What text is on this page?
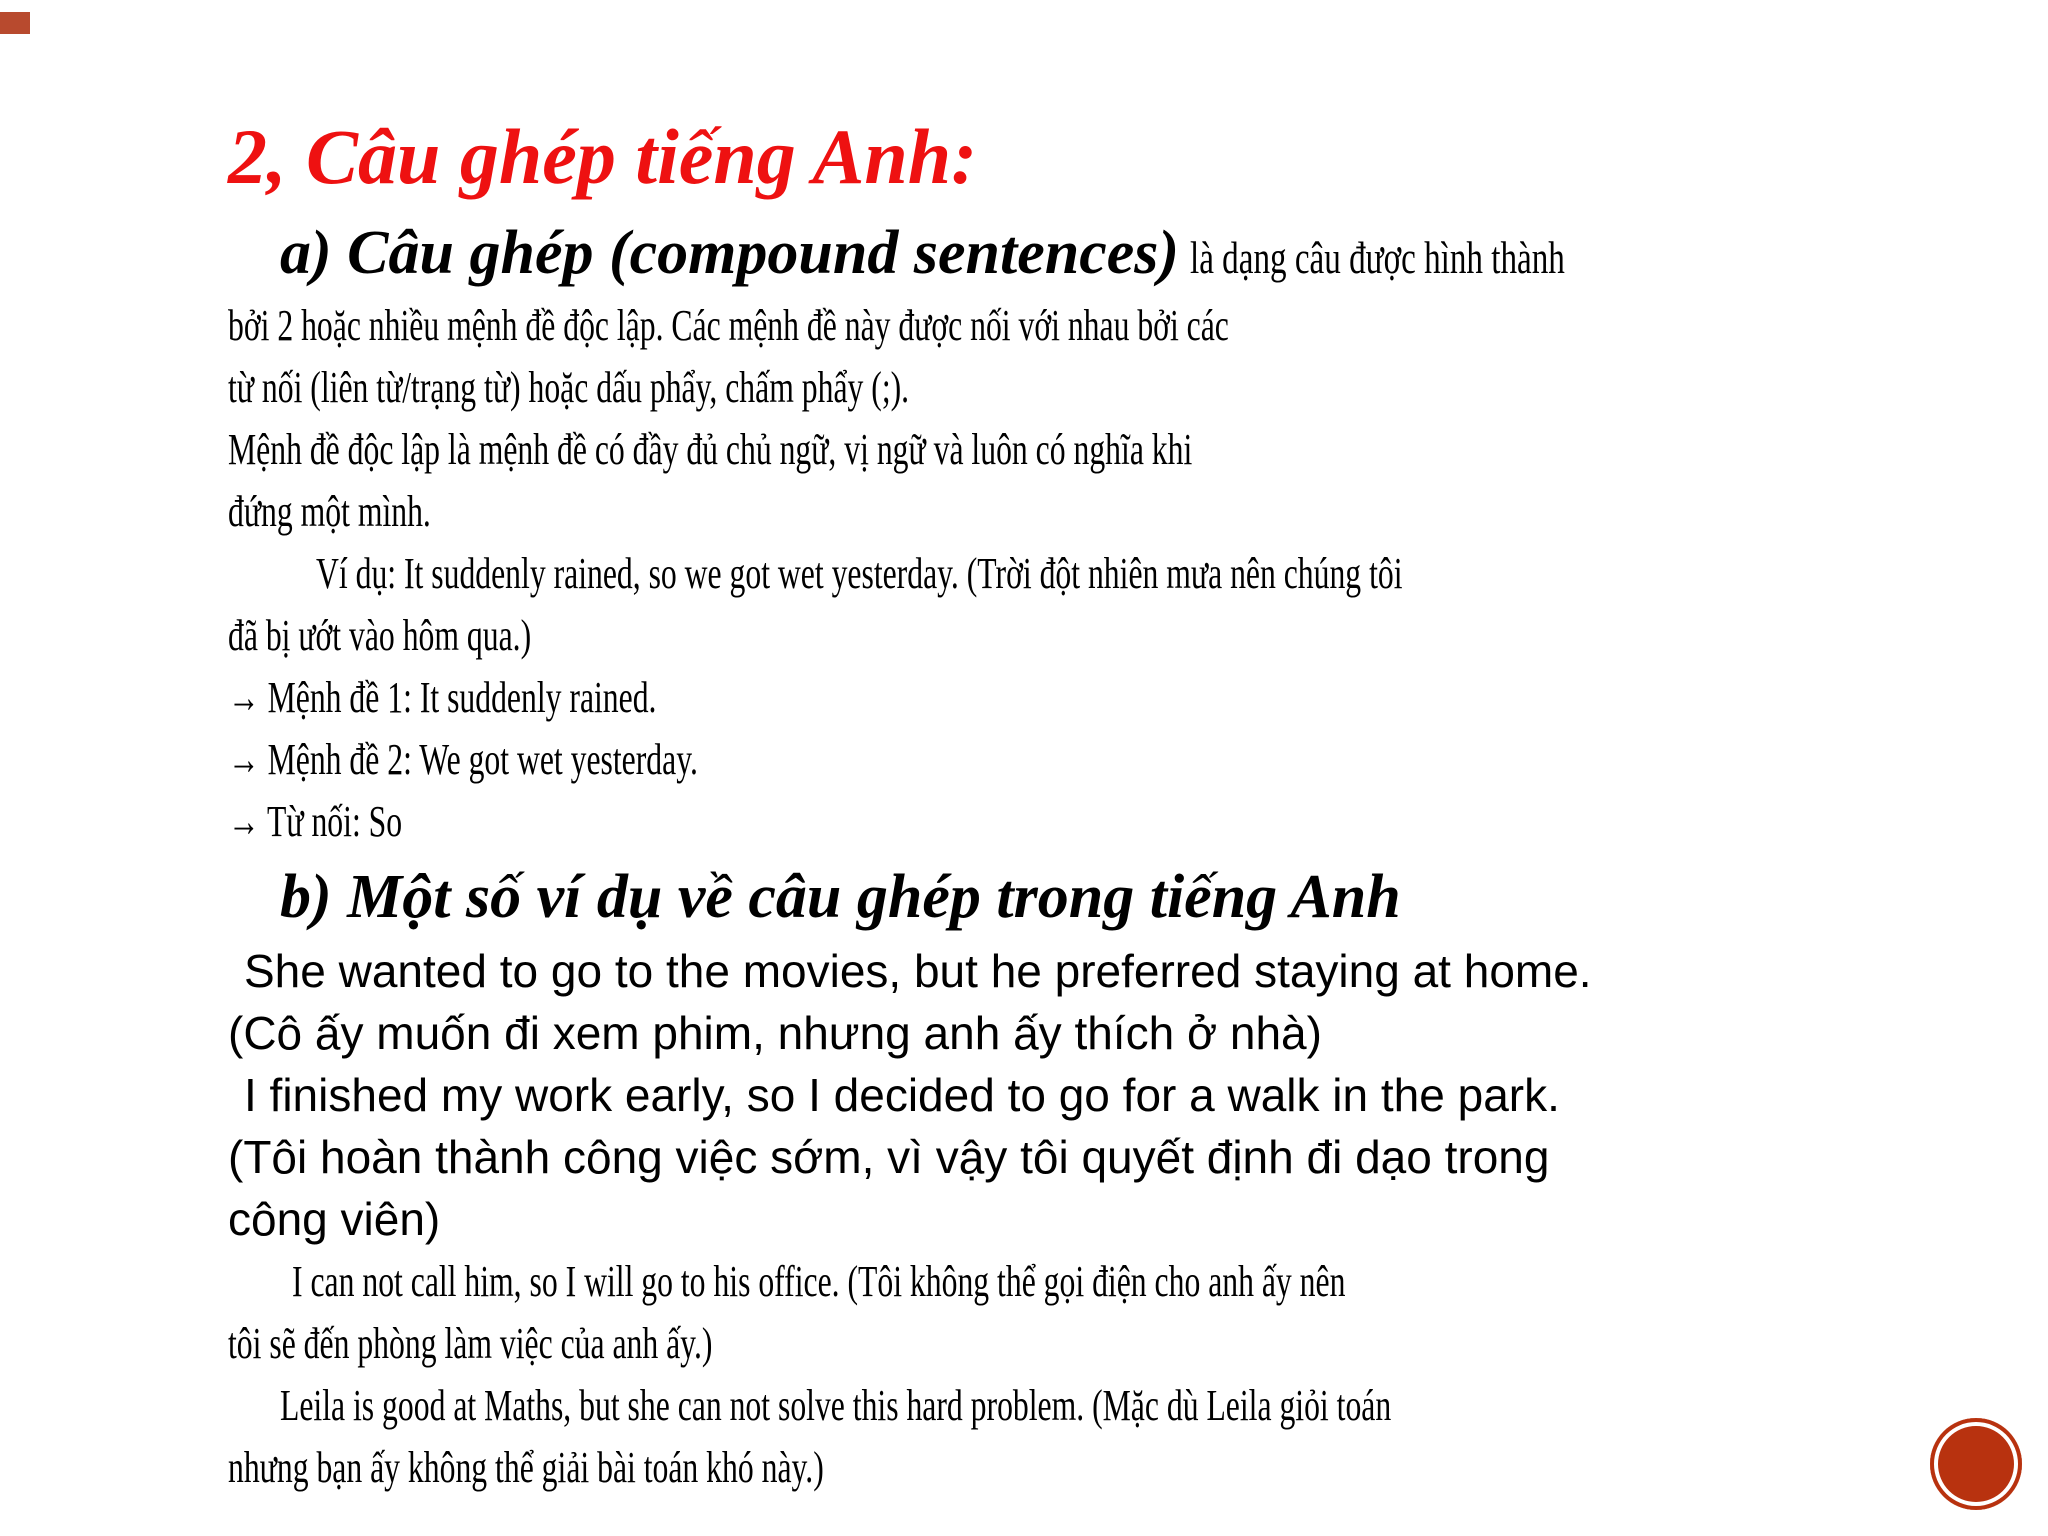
2, Câu ghép tiếng Anh:
a) Câu ghép (compound sentences) là dạng câu được hình thành
bởi 2 hoặc nhiều mệnh đề độc lập. Các mệnh đề này được nối với nhau bởi các
từ nối (liên từ/trạng từ) hoặc dấu phẩy, chấm phẩy (;).
Mệnh đề độc lập là mệnh đề có đầy đủ chủ ngữ, vị ngữ và luôn có nghĩa khi
đứng một mình.
Ví dụ: It suddenly rained, so we got wet yesterday. (Trời đột nhiên mưa nên chúng tôi
đã bị ướt vào hôm qua.)
→ Mệnh đề 1: It suddenly rained.
→ Mệnh đề 2: We got wet yesterday.
→ Từ nối: So
b) Một số ví dụ về câu ghép trong tiếng Anh
She wanted to go to the movies, but he preferred staying at home.
(Cô ấy muốn đi xem phim, nhưng anh ấy thích ở nhà)
I finished my work early, so I decided to go for a walk in the park.
(Tôi hoàn thành công việc sớm, vì vậy tôi quyết định đi dạo trong
công viên)
I can not call him, so I will go to his office. (Tôi không thể gọi điện cho anh ấy nên
tôi sẽ đến phòng làm việc của anh ấy.)
Leila is good at Maths, but she can not solve this hard problem. (Mặc dù Leila giỏi toán
nhưng bạn ấy không thể giải bài toán khó này.)
